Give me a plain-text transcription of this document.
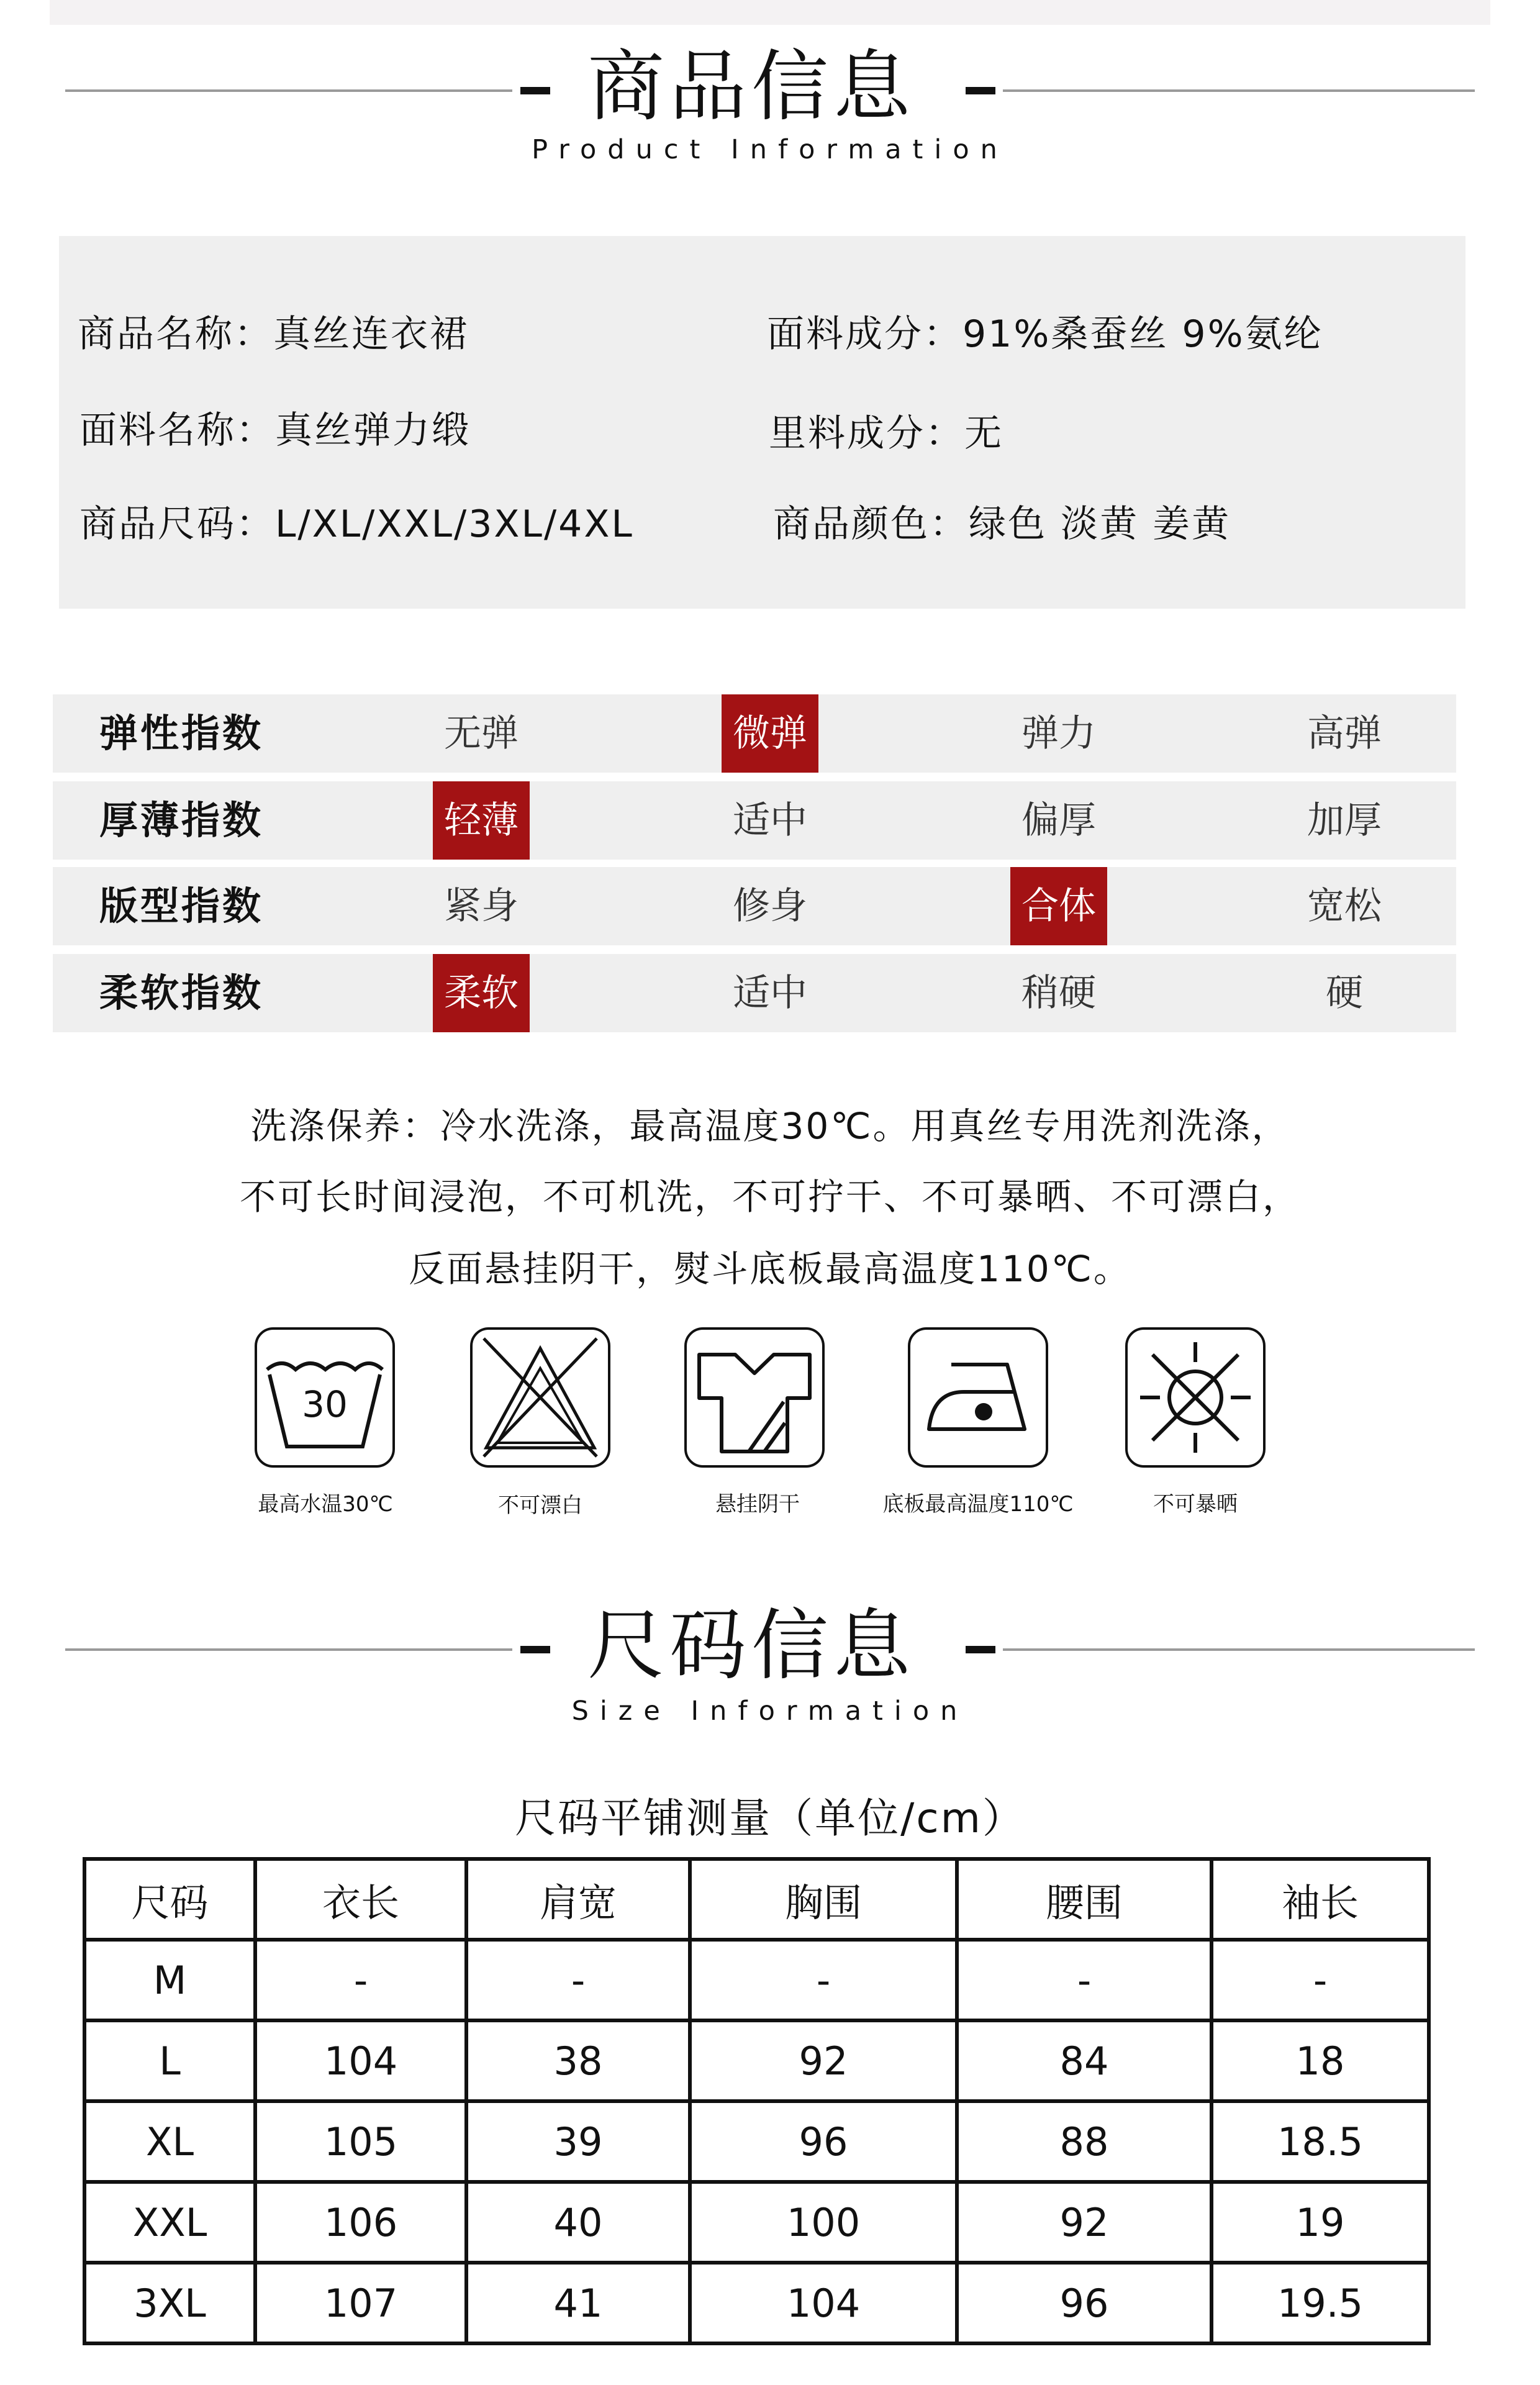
商品信息
Product Information
商品名称：真丝连衣裙	面料成分：91%桑蚕丝 9%氨纶
面料名称：真丝弹力缎	里料成分：无
商品尺码：L/XL/XXL/3XL/4XL	商品颜色：绿色 淡黄 姜黄
弹性指数	无弹	微弹	弹力	高弹
厚薄指数	轻薄	适中	偏厚	加厚
版型指数	紧身	修身	合体	宽松
柔软指数	柔软	适中	稍硬	硬
洗涤保养：冷水洗涤，最高温度30℃。用真丝专用洗剂洗涤，
不可长时间浸泡，不可机洗，不可拧干、不可暴晒、不可漂白，
反面悬挂阴干，熨斗底板最高温度110℃。
30
最高水温30℃	不可漂白	悬挂阴干	底板最高温度110℃	不可暴晒
尺码信息
Size Information
尺码平铺测量（单位/cm）
尺码	衣长	肩宽	胸围	腰围	袖长
M	-	-	-	-	-
L	104	38	92	84	18
XL	105	39	96	88	18.5
XXL	106	40	100	92	19
3XL	107	41	104	96	19.5
